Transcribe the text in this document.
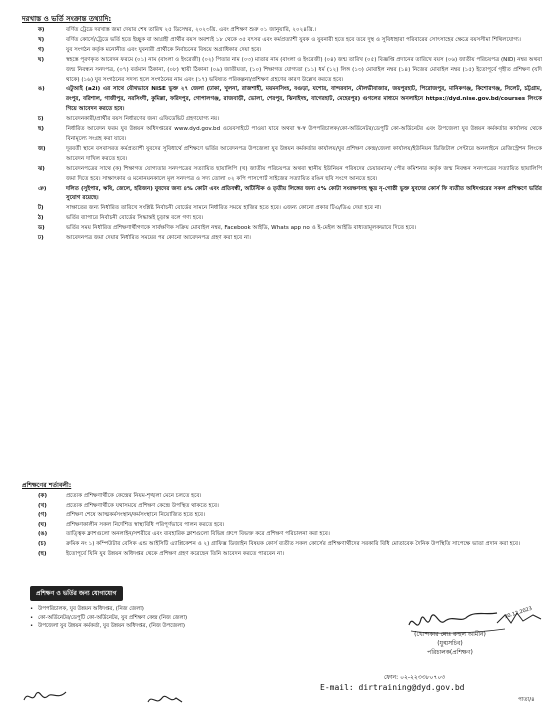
দরখাস্ত ও ভর্তি সংক্রান্ত তথ্যাদি:
ক)	বর্ণিত ট্রেডে দরখাস্ত জমা দেয়ার শেষ তারিখ ২৫ ডিসেম্বর, ২০২৩খ্রি. এবং প্রশিক্ষণ শুরু ০১ জানুয়ারি, ২০২৪খ্রি.।
খ)	বর্ণিত কোর্সে/ট্রেডে ভর্তি হতে ইচ্ছুক বা আগ্রহী প্রার্থীর বয়স অবশ্যই ১৮ থেকে ৩৫ বৎসর এবং কর্মপ্রত্যাশী যুবক ও যুবনারী হতে হবে তবে দুস্থ ও সুবিধাহারা পরিবারের সোৎসাহের ক্ষেত্রে বয়সসীমা শিথিলযোগ্য।
গ)	যুব সংগঠন কর্তৃক মনোনীত এবং যুবনারী প্রার্থীকে নির্বাচনের বিষয়ে অগ্রাধিকার দেয়া হবে।
ঘ)	স্বহস্তে পূরণকৃত আবেদন ফরমে (০১) নাম (বাংলা ও ইংরেজী) (০২) পিতার নাম (০৩) মাতার নাম (বাংলা ও ইংরেজী) (০৪) জন্ম তারিখ (০৫) বিজ্ঞপ্তি প্রদানের তারিখে বয়স (০৬) জাতীয় পরিচয়পত্র (NID) নম্বর অথবা জন্ম নিবন্ধন সনদপত্র, (০৭) বর্তমান ঠিকানা, (০৮) স্থায়ী ঠিকানা (০৯) জাতীয়তা, (১০) শিক্ষাগত যোগ্যতা (১১) ধর্ম (১২) লিঙ্গ (১৩) মোবাইল নম্বর (১৪) নিজের মোবাইল নম্বর (১৫) ইতোপূর্বে গৃহীত প্রশিক্ষণ (যদি থাকে) (১৬) যুব সংগঠনের সদস্য হলে সংগঠনের নাম এবং (১৭) ভবিষ্যত পরিকল্পনা/প্রশিক্ষণ গ্রহণের কারণ উল্লেখ করতে হবে।
ঙ)	এটুআই (a2i) এর সাথে যৌথভাবে NISE ভুক্ত ২৭ জেলা (ঢাকা, খুলনা, রাজশাহী, ময়মনসিংহ, বগুড়া, যশোর, বান্দরবান, মৌলভীবাজার, জয়পুরহাট, পিরোজপুর, মানিকগঞ্জ, কিশোরগঞ্জ, সিলেট, চট্টগ্রাম, রংপুর, বরিশাল, গাজীপুর, নরসিংদী, কুমিল্লা, ফরিদপুর, গোপালগঞ্জ, রাজবাড়ী, ভোলা, শেরপুর, ঝিনাইদহ, বাগেরহাট, মেহেরপুর) গুগলের মাধ্যমে অনলাইনে https://dyd.nise.gov.bd/courses লিংকে গিয়ে আবেদন করতে হবে।
চ)	আবেদনকারী/প্রার্থীর বয়স নির্ধারণের জন্য এফিডেভিট গ্রহণযোগ্য নয়।
ছ)	নির্ধারিত আবেদন ফরম যুব উন্নয়ন অধিদপ্তরের www.dyd.gov.bd ওয়েবসাইটে পাওয়া যাবে অথবা স্ব-স্ব উপপরিচালক/কো-অর্ডিনেটর/ডেপুটি কো-অর্ডিনেটর এবং উপজেলা যুব উন্নয়ন কর্মকর্তার কার্যালয় থেকে বিনামূল্যে সংগ্রহ করা যাবে।
জ)	দূরবর্তী স্থানে বসবাসরত কর্মপ্রত্যাশী যুবদের সুবিধার্থে প্রশিক্ষণে ভর্তির আবেদনপত্র উপজেলা যুব উন্নয়ন কর্মকর্তার কার্যালয়/যুব প্রশিক্ষণ কেন্দ্র/জেলা কার্যালয়/ইউনিয়ন ডিজিটাল সেন্টারে অনলাইনে রেজিস্ট্রেশন লিংকে আবেদন দাখিল করতে হবে।
ঝ)	আবেদনপত্রের সাথে (ক) শিক্ষাগত যোগ্যতার সনদপত্রের সত্যায়িত ছায়ালিপি (খ) জাতীয় পরিচয়পত্র অথবা স্থানীয় ইউনিয়ন পরিষদের চেয়ারম্যান/ পৌর কমিশনার কর্তৃক জন্ম নিবন্ধন সনদপত্রের সত্যায়িত ছায়ালিপি জমা দিতে হবে। সাক্ষাৎকার ও মনোনয়নকালে মূল সনদপত্র ও সদ্য তোলা ০২ কপি পাসপোর্ট সাইজের সত্যায়িত রঙিন ছবি সংগে আনতে হবে।
ঞ)	দলিত (সুইপার, ঋষি, জেলে, হরিজন) যুবদের জন্য ৪% কোটা এবং প্রতিবন্ধী, অটিস্টিক ও তৃতীয় লিঙ্গের জন্য ৫% কোটা সংরক্ষণসহ ক্ষুদ্র নৃ-গোষ্ঠী ভুক্ত যুবদের কোর্স ফি ব্যতীত অধিদপ্তরের সকল প্রশিক্ষণে ভর্তির সুযোগ রয়েছে।
ট)	সাক্ষাতের জন্য নির্ধারিত তারিখে সংশ্লিষ্ট নির্বাচনী বোর্ডের সামনে নির্ধারিত সময়ে হাজির হতে হবে। এজন্য কোনো প্রকার টিএ/ডিএ দেয়া হবে না।
ঠ)	ভর্তির ব্যাপারে নির্বাচনী বোর্ডের সিদ্ধান্তই চূড়ান্ত বলে গণ্য হবে।
ড)	ভর্তির সময় নির্ধারিত প্রশিক্ষণার্থীগণকে সার্বক্ষণিক সক্রিয় মোবাইল নম্বর, Facebook আইডি, Whats app no ও ই-মেইল আইডি বাধ্যতামূলকভাবে দিতে হবে।
ঢ)	আবেদনপত্র জমা দেয়ার নির্ধারিত সময়ের পর কোনো আবেদনপত্র গ্রহণ করা হবে না।
প্রশিক্ষণের শর্তাবলী:
(ক)	প্রত্যেক প্রশিক্ষণার্থীকে কেন্দ্রের নিয়ম-শৃঙ্খলা মেনে চলতে হবে।
(খ)	প্রত্যেক প্রশিক্ষণার্থীকে যথাসময়ে প্রশিক্ষণ কেন্দ্রে উপস্থিত থাকতে হবে।
(গ)	প্রশিক্ষণ শেষে আত্মকর্মসংস্থান/কর্মসংস্থানে নিয়োজিত হতে হবে।
(ঘ)	প্রশিক্ষণকালীন সকল নির্দেশিত স্বাস্থ্যবিধি পরিপূর্ণভাবে পালন করতে হবে।
(ঙ)	তাত্ত্বিক ক্লাশগুলো অনলাইন/সশরীরে এবং ব্যবহারিক ক্লাশগুলো বিভিন্ন গ্রুপে বিভক্ত করে প্রশিক্ষণ পরিচালনা করা হবে।
(চ)	ক্রমিক নং ১) কম্পিউটার বেসিক এন্ড আইসিটি এ্যাপ্লিকেশন ও ২) গ্রাফিক্স ডিজাইন বিষয়ক কোর্স ব্যতীত সকল কোর্সের প্রশিক্ষণার্থীদের সরকারি বিধি মোতাবেক দৈনিক উপস্থিতি সাপেক্ষে ভাতা প্রদান করা হবে।
(ছ)	ইতোপূর্বে যিনি যুব উন্নয়ন অধিদপ্তর থেকে প্রশিক্ষণ গ্রহণ করেছেন তিনি আবেদন করতে পারবেন না।
প্রশিক্ষণ ও ভর্তির জন্য যোগাযোগ
• উপপরিচালক, যুব উন্নয়ন অধিদপ্তর, (নিজ জেলা)
• কো-অর্ডিনেটর/ডেপুটি কো-অর্ডিনেটর, যুব প্রশিক্ষণ কেন্দ্র (নিজ জেলা)
• উপজেলা যুব উন্নয়ন কর্মকর্তা, যুব উন্নয়ন অধিদপ্তর, (নিজ উপজেলা)
30.12.2023
(খোন্দকার মোঃ রুহুল আমীন)
(যুগ্মসচিব)
পরিচালক(প্রশিক্ষণ)
ফোন: ০২-২২৩৩৮০৭০৩
E-mail: dirtraining@dyd.gov.bd
পাতা/৪
